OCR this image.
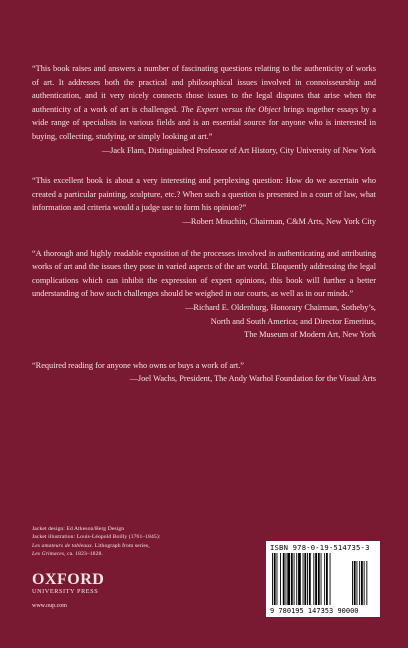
“This book raises and answers a number of fascinating questions relating to the authenticity of works of art. It addresses both the practical and philosophical issues involved in connoisseurship and authentication, and it very nicely connects those issues to the legal disputes that arise when the authenticity of a work of art is challenged. The Expert versus the Object brings together essays by a wide range of specialists in various fields and is an essential source for anyone who is interested in buying, collecting, studying, or simply looking at art.”
—Jack Flam, Distinguished Professor of Art History, City University of New York
“This excellent book is about a very interesting and perplexing question: How do we ascertain who created a particular painting, sculpture, etc.? When such a question is presented in a court of law, what information and criteria would a judge use to form his opinion?”
—Robert Mnuchin, Chairman, C&M Arts, New York City
“A thorough and highly readable exposition of the processes involved in authenticating and attributing works of art and the issues they pose in varied aspects of the art world. Eloquently addressing the legal complications which can inhibit the expression of expert opinions, this book will further a better understanding of how such challenges should be weighed in our courts, as well as in our minds.”
—Richard E. Oldenburg, Honorary Chairman, Sotheby’s,
North and South America; and Director Emeritus,
The Museum of Modern Art, New York
“Required reading for anyone who owns or buys a work of art.”
—Joel Wachs, President, The Andy Warhol Foundation for the Visual Arts
Jacket design: Ed Atkeson/Berg Design
Jacket illustration: Louis-Léopold Boilly (1761–1845):
Les amateurs de tableaux. Lithograph from series,
Les Grimaces, ca. 1823–1828.
OXFORD
UNIVERSITY PRESS
www.oup.com
ISBN 978-0-19-514735-3
9 780195 147353 90000
